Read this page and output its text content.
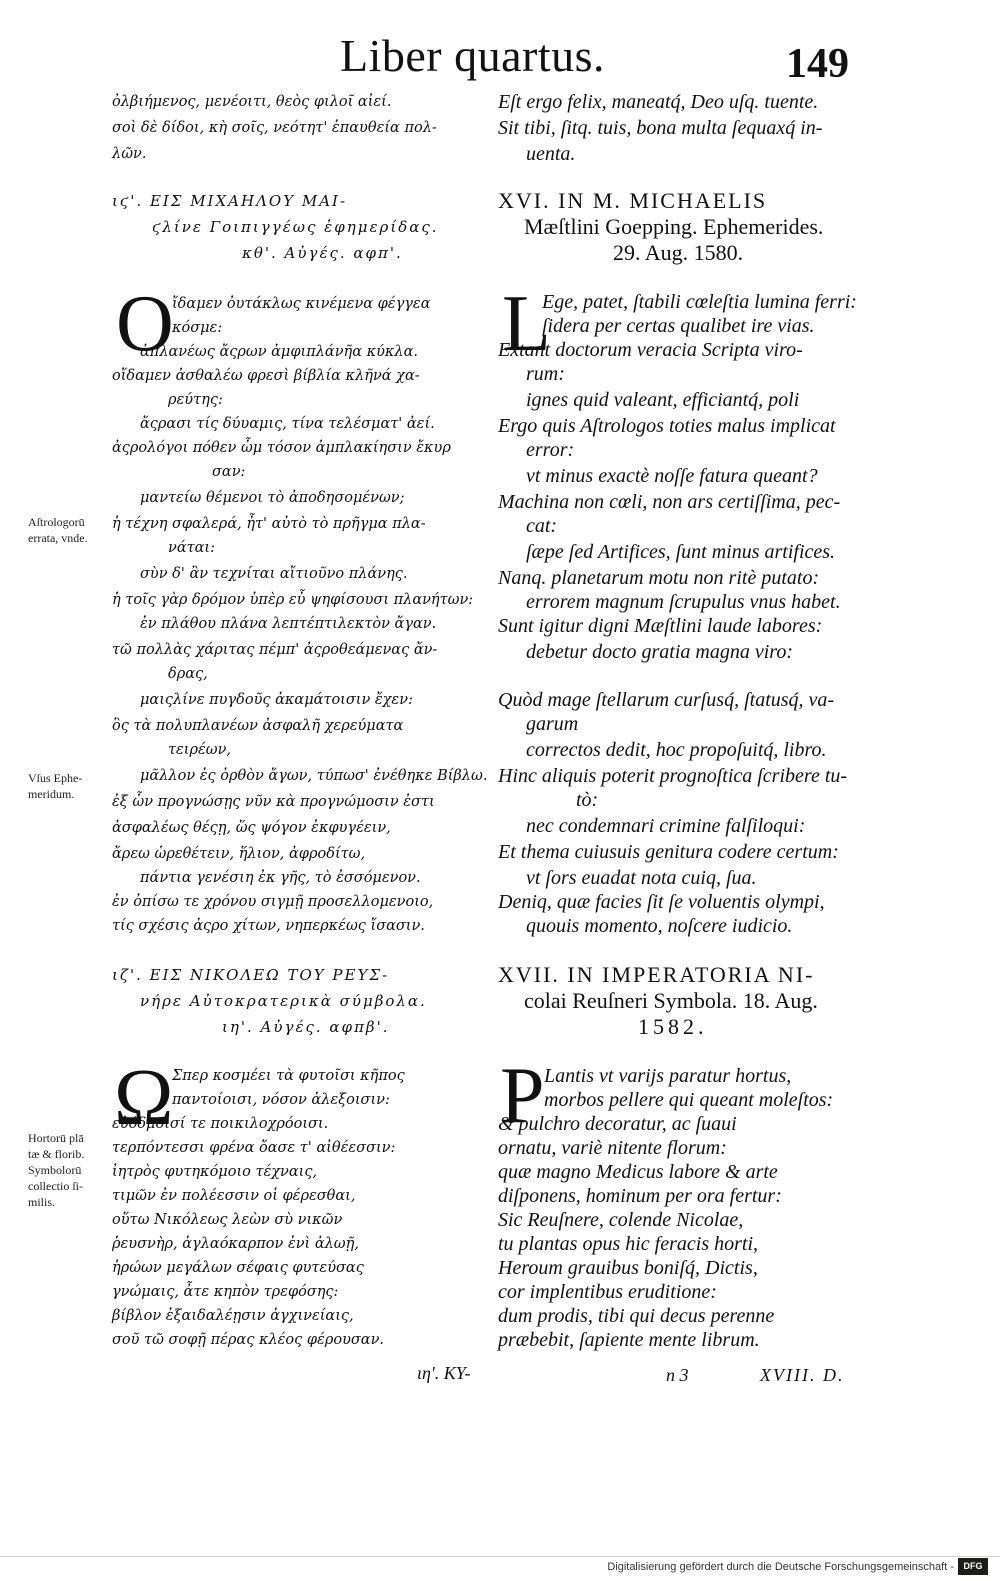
Liber quartus.	149
ὀλβιήμενος, μενέοιτι, θεὸς φιλοῖ αἰεί.
σοὶ δὲ δίδοι, κὴ σοῖς, νεότητ' ἐπαυθεία πολ-
λῶν.
ιϛ'. ΕΙΣ ΜΙΧΑΗΛΟΥ ΜΑΙ-
ϛλίνε Γοιπιγγέως ἐφημερίδας.
κθ'. Αὐγές. αφπ'.
O
ἴδαμεν ὀυτάκλως κινέμενα φέγγεα
κόσμε:
ἀπλανέως ἄςρων ἀμφιπλάνῆα κύκλα.
οἴδαμεν ἀσθαλέω φρεσὶ βίβλία κλῆνά χα-
ρεύτης:
ἄςρασι τίς δύυαμις, τίνα τελέσματ' ἀεί.
ἀςρολόγοι πόθεν ὦμ τόσον ἀμπλακίησιν ἔκυρ
σαν:
μαντείω θέμενοι τὸ ἀποδησομένων;
ἡ τέχνη σφαλερά, ἦτ' αὐτὸ τὸ πρῆγμα πλα-
νάται:
σὺν δ' ἂν τεχνίται αἴτιοῦνο πλάνης.
ἡ τοῖς γὰρ δρόμον ὑπὲρ εὖ ψηφίσουσι πλανήτων:
ἐν πλάθου πλάνα λεπτέπτιλεκτὸν ἄγαν.
τῶ πολλὰς χάριτας πέμπ' ἀςροθεάμενας ἄν-
δρας,
μαιςλίνε πυγδοῦς ἀκαμάτοισιν ἔχεν:
ὃς τὰ πολυπλανέων ἀσφαλῆ χερεύματα
τειρέων,
μᾶλλον ἐς ὀρθὸν ἄγων, τύπωσ' ἐνέθηκε Βίβλω.
ἐξ ὧν προγνώσῃς νῦν κὰ προγνώμοσιν ἐστι
ἀσφαλέως θέςῃ, ὥς ψόγον ἐκφυγέειν,
ἄρεω ὡρεθέτειν, ἥλιον, ἀφροδίτω,
πάντια γενέσιη ἐκ γῆς, τὸ ἐσσόμενον.
ἐν ὀπίσω τε χρόνου σιγμῇ προσελλομενοιο,
τίς σχέσις ἀςρο χίτων, νηπερκέως ἴσασιν.
ιζ'. ΕΙΣ ΝΙΚΟΛΕΩ ΤΟΥ ΡΕΥΣ-
νήρε Αὐτοκρατερικὰ σύμβολα.
ιη'. Αὐγές. αφπβ'.
Ω
Σπερ κοσμέει τὰ φυτοῖσι κῆπος
παντοίοισι, νόσον ἀλεξοισιν:
εὐόδμοισί τε ποικιλοχρόοισι.
τερπόντεσσι φρένα ὄασε τ' αἰθέεσσιν:
ἰητρὸς φυτηκόμοιο τέχναις,
τιμῶν ἐν πολέεσσιν οἱ φέρεσθαι,
οὕτω Νικόλεως λεὼν σὺ νικῶν
ῥευσνὴρ, ἀγλαόκαρπον ἐνὶ ἀλωῇ,
ἡρώων μεγάλων σέφαις φυτεύσας
γνώμαις, ἆτε κηπὸν τρεφόσης:
βίβλον ἐξαιδαλέῃσιν ἀγχινείαις,
σοῦ τῶ σοφῇ πέρας κλέος φέρουσαν.
ιη'. ΚΥ-
Eſt ergo felix, maneatq́, Deo uſq. tuente.
Sit tibi, ſitq. tuis, bona multa ſequaxq́ in-
uenta.
XVI. IN M. MICHAELIS
Mæſtlini Goepping. Ephemerides.
29. Aug. 1580.
L
Ege, patet, ſtabili cœleſtia lumina ferri:
ſidera per certas qualibet ire vias.
Extant doctorum veracia Scripta viro-
rum:
ignes quid valeant, efficiantq́, poli
Ergo quis Aſtrologos toties malus implicat
error:
vt minus exactè noſſe fatura queant?
Machina non cœli, non ars certiſſima, pec-
cat:
ſæpe ſed Artifices, ſunt minus artifices.
Nanq. planetarum motu non ritè putato:
errorem magnum ſcrupulus vnus habet.
Sunt igitur digni Mæſtlini laude labores:
debetur docto gratia magna viro:
Quòd mage ſtellarum curſusq́, ſtatusq́, va-
garum
correctos dedit, hoc propoſuitq́, libro.
Hinc aliquis poterit prognoſtica ſcribere tu-
tò:
nec condemnari crimine falſiloqui:
Et thema cuiusuis genitura codere certum:
vt ſors euadat nota cuiq, ſua.
Deniq, quæ facies ſit ſe voluentis olympi,
quouis momento, noſcere iudicio.
XVII. IN IMPERATORIA NI-
colai Reuſneri Symbola. 18. Aug.
1582.
P Lantis vt varijs paratur hortus,
morbos pellere qui queant moleſtos:
& pulchro decoratur, ac ſuaui
ornatu, variè nitente florum:
quæ magno Medicus labore & arte
diſponens, hominum per ora fertur:
Sic Reuſnere, colende Nicolae,
tu plantas opus hic feracis horti,
Heroum grauibus boniſq́, Dictis,
cor implentibus eruditione:
dum prodis, tibi qui decus perenne
præbebit, ſapiente mente librum.
n 3	XVIII. D.
Aſtrologorū
errata, vnde.
Vſus Ephe-
meridum.
Hortorū plā
tæ & florib.
Symbolorū
collectio ſi-
milis.
Digitalisierung gefördert durch die Deutsche Forschungsgemeinschaft -	DFG
